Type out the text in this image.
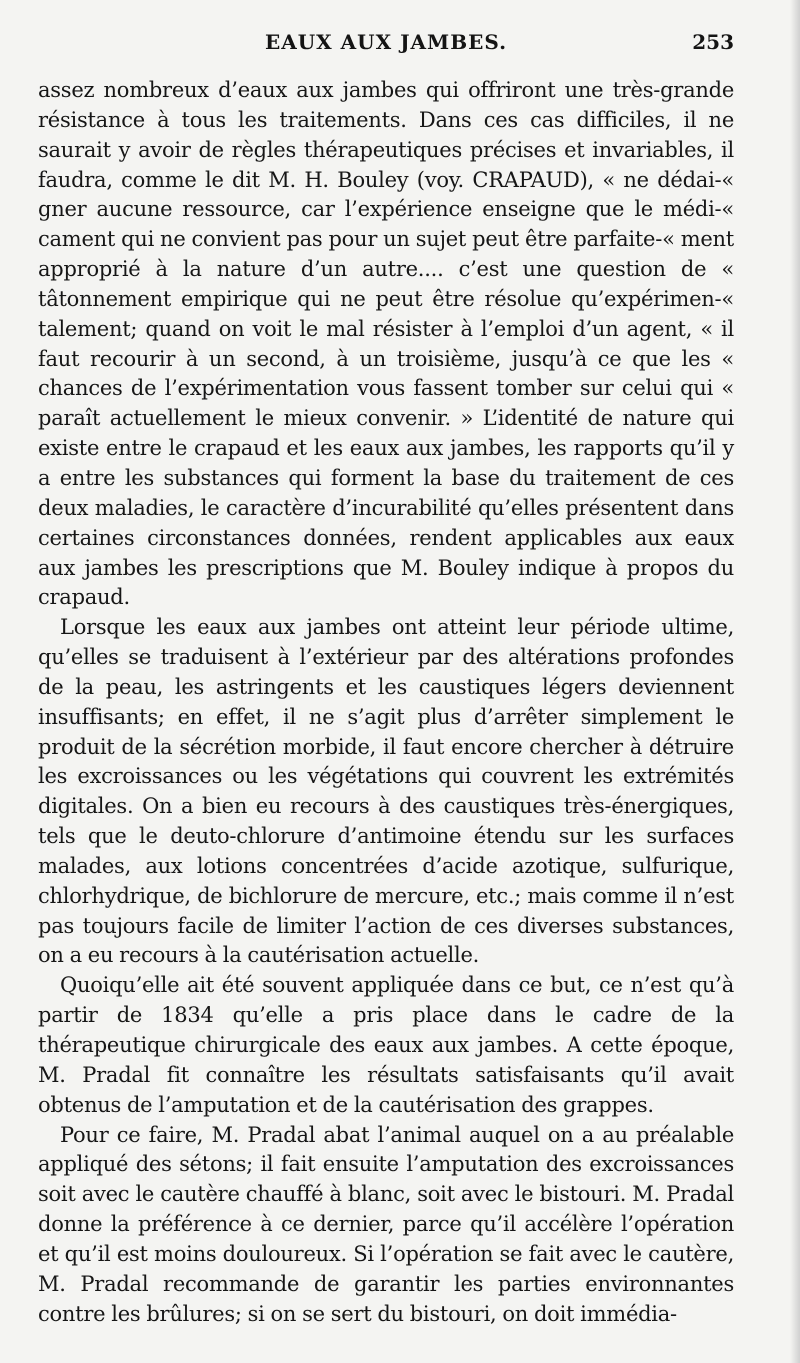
EAUX AUX JAMBES.	253

assez nombreux d’eaux aux jambes qui offriront une très-grande résistance à tous les traitements. Dans ces cas difficiles, il ne saurait y avoir de règles thérapeutiques précises et invariables, il faudra, comme le dit M. H. Bouley (voy. CRAPAUD), « ne dédai-« gner aucune ressource, car l’expérience enseigne que le médi-« cament qui ne convient pas pour un sujet peut être parfaite-« ment approprié à la nature d’un autre.... c’est une question de « tâtonnement empirique qui ne peut être résolue qu’expérimen-« talement; quand on voit le mal résister à l’emploi d’un agent, « il faut recourir à un second, à un troisième, jusqu’à ce que les « chances de l’expérimentation vous fassent tomber sur celui qui « paraît actuellement le mieux convenir. » L’identité de nature qui existe entre le crapaud et les eaux aux jambes, les rapports qu’il y a entre les substances qui forment la base du traitement de ces deux maladies, le caractère d’incurabilité qu’elles présentent dans certaines circonstances données, rendent applicables aux eaux aux jambes les prescriptions que M. Bouley indique à propos du crapaud.

Lorsque les eaux aux jambes ont atteint leur période ultime, qu’elles se traduisent à l’extérieur par des altérations profondes de la peau, les astringents et les caustiques légers deviennent insuffisants; en effet, il ne s’agit plus d’arrêter simplement le produit de la sécrétion morbide, il faut encore chercher à détruire les excroissances ou les végétations qui couvrent les extrémités digitales. On a bien eu recours à des caustiques très-énergiques, tels que le deuto-chlorure d’antimoine étendu sur les surfaces malades, aux lotions concentrées d’acide azotique, sulfurique, chlorhydrique, de bichlorure de mercure, etc.; mais comme il n’est pas toujours facile de limiter l’action de ces diverses substances, on a eu recours à la cautérisation actuelle.

Quoiqu’elle ait été souvent appliquée dans ce but, ce n’est qu’à partir de 1834 qu’elle a pris place dans le cadre de la thérapeutique chirurgicale des eaux aux jambes. A cette époque, M. Pradal fit connaître les résultats satisfaisants qu’il avait obtenus de l’amputation et de la cautérisation des grappes.

Pour ce faire, M. Pradal abat l’animal auquel on a au préalable appliqué des sétons; il fait ensuite l’amputation des excroissances soit avec le cautère chauffé à blanc, soit avec le bistouri. M. Pradal donne la préférence à ce dernier, parce qu’il accélère l’opération et qu’il est moins douloureux. Si l’opération se fait avec le cautère, M. Pradal recommande de garantir les parties environnantes contre les brûlures; si on se sert du bistouri, on doit immédia-
